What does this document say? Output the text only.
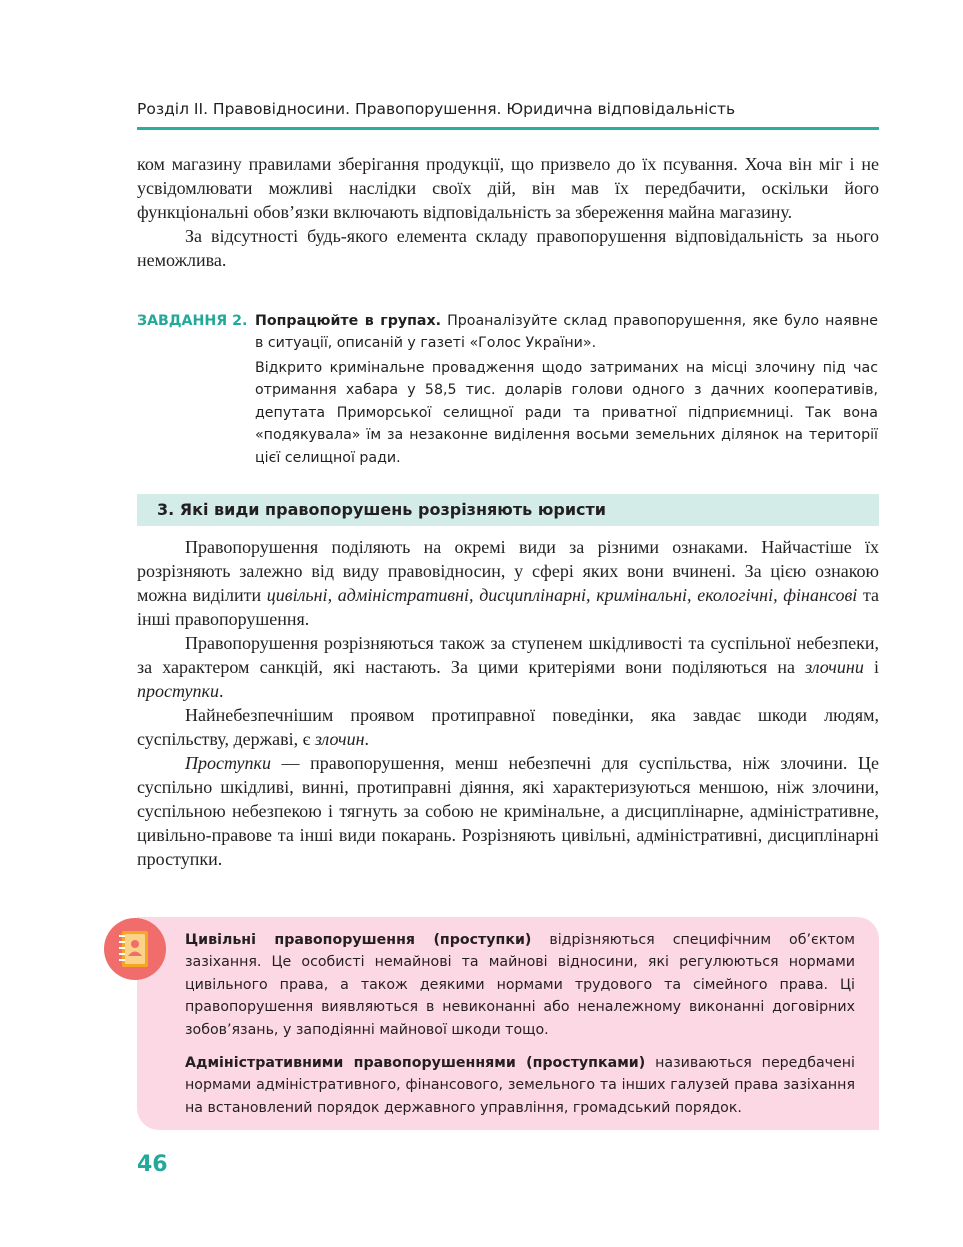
Розділ II. Правовідносини. Правопорушення. Юридична відповідальність

ком магазину правилами зберігання продукції, що призвело до їх псування. Хоча він міг і не усвідомлювати можливі наслідки своїх дій, він мав їх передбачити, оскільки його функціональні обов’язки включають відповідальність за збереження майна магазину.

За відсутності будь-якого елемента складу правопорушення відповідальність за нього неможлива.

ЗАВДАННЯ 2. Попрацюйте в групах. Проаналізуйте склад правопорушення, яке було наявне в ситуації, описаній у газеті «Голос України».
Відкрито кримінальне провадження щодо затриманих на місці злочину під час отримання хабара у 58,5 тис. доларів голови одного з дачних кооперативів, депутата Приморської селищної ради та приватної підприємниці. Так вона «подякувала» їм за незаконне виділення восьми земельних ділянок на території цієї селищної ради.
3. Які види правопорушень розрізняють юристи

Правопорушення поділяють на окремі види за різними ознаками. Найчастіше їх розрізняють залежно від виду правовідносин, у сфері яких вони вчинені. За цією ознакою можна виділити цивільні, адміністративні, дисциплінарні, кримінальні, екологічні, фінансові та інші правопорушення.

Правопорушення розрізняються також за ступенем шкідливості та суспільної небезпеки, за характером санкцій, які настають. За цими критеріями вони поділяються на злочини і проступки.

Найнебезпечнішим проявом протиправної поведінки, яка завдає шкоди людям, суспільству, державі, є злочин.

Проступки — правопорушення, менш небезпечні для суспільства, ніж злочини. Це суспільно шкідливі, винні, протиправні діяння, які характеризуються меншою, ніж злочини, суспільною небезпекою і тягнуть за собою не кримінальне, а дисциплінарне, адміністративне, цивільно-правове та інші види покарань. Розрізняють цивільні, адміністративні, дисциплінарні проступки.

Цивільні правопорушення (проступки) відрізняються специфічним об’єктом зазіхання. Це особисті немайнові та майнові відносини, які регулюються нормами цивільного права, а також деякими нормами трудового та сімейного права. Ці правопорушення виявляються в невиконанні або неналежному виконанні договірних зобов’язань, у заподіянні майнової шкоди тощо.
Адміністративними правопорушеннями (проступками) називаються передбачені нормами адміністративного, фінансового, земельного та інших галузей права зазіхання на встановлений порядок державного управління, громадський порядок.
46
